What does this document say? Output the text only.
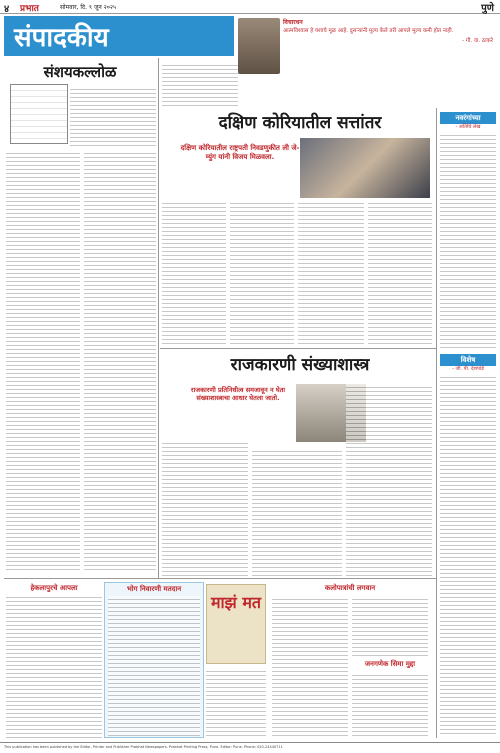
४ प्रभात	सोमवार, दि. ९ जून २०२५	पुणे
संपादकीय
विचारधन
आत्मविश्वास हे यशाचे मूळ आहे. दुसऱ्यांनी मूल्य केले तरी आपले मूल्य कमी होत नाही.
- गौ. वा. ठाकरे
संशयकल्लोळ
दक्षिण कोरियातील सत्तांतर
दक्षिण कोरियातील राष्ट्रपती निवडणुकीत ली जे-म्युंग यांनी विजय मिळवला.
नवरंगांच्या
- अतिथि लेख
विशेष
- जी. पी. देशपांडे
राजकारणी संख्याशास्त्र
राजकारणी प्रतिनिधीत्व समजावून न घेता संख्याशास्त्राचा आधार घेतला जातो.
हेकलापुरचे आपला	भोग निवारणी मतदान
माझं मत
कलोपात्रांची लगवान
जनगणेक सिमा मुद्दा
This publication has been published by the Editor, Printer and Publisher Prabhat Newspapers. Prabhat Printing Press, Pune. Editor: Pune. Phone: 020-24440711
